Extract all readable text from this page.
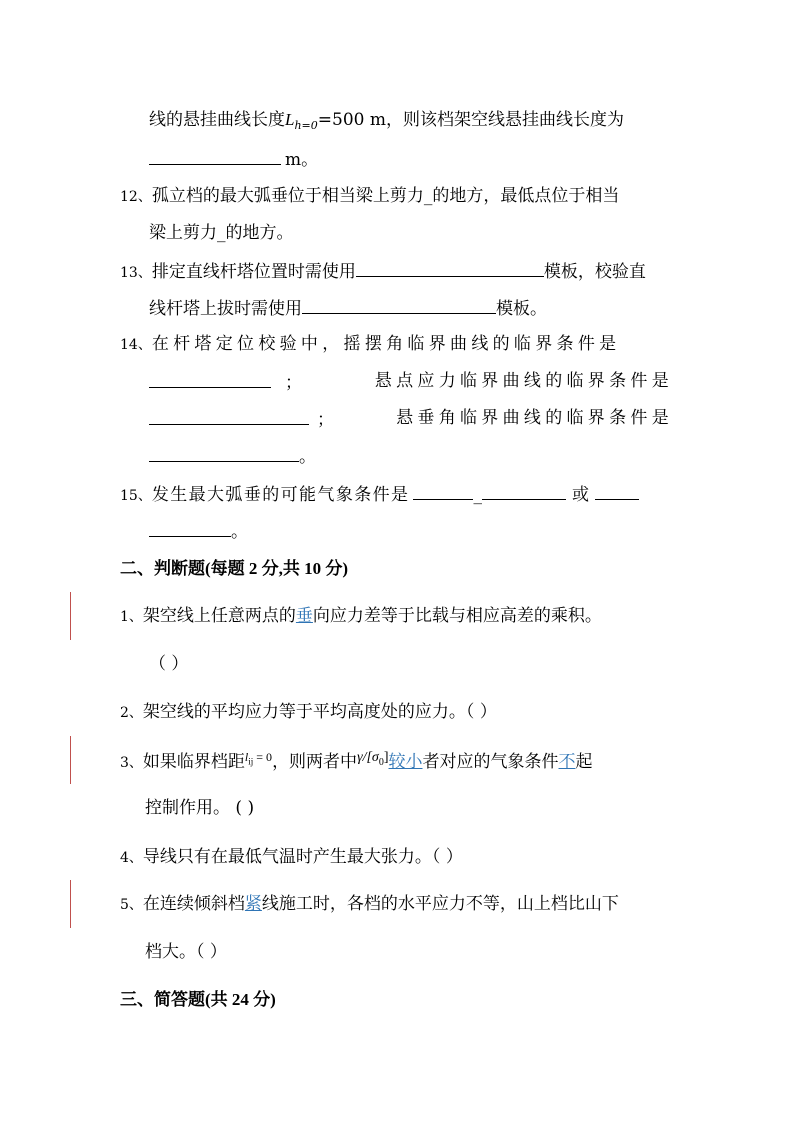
线的悬挂曲线长度$L_{h=0}=500$ m，则该档架空线悬挂曲线长度为
m。
12、孤立档的最大弧垂位于相当梁上剪力_的地方，最低点位于相当
梁上剪力_的地方。
13、排定直线杆塔位置时需使用	模板，校验直
线杆塔上拔时需使用	模板。
14、在杆塔定位校验中，摇摆角临界曲线的临界条件是
；	悬点应力临界曲线的临界条件是
；	悬垂角临界曲线的临界条件是
。
15、发生最大弧垂的可能气象条件是	_	或
。
二、判断题(每题 2 分,共 10 分)
1、架空线上任意两点的垂向应力差等于比载与相应高差的乘积。
（ ）
2、架空线的平均应力等于平均高度处的应力。（ ）
3、如果临界档距$^{l_{ij} = 0}$，则两者中$^{\gamma/[\sigma_0]}$较小者对应的气象条件不起
控制作用。 ( )
4、导线只有在最低气温时产生最大张力。（ ）
5、在连续倾斜档紧线施工时，各档的水平应力不等，山上档比山下
档大。（ ）
三、简答题(共 24 分)
